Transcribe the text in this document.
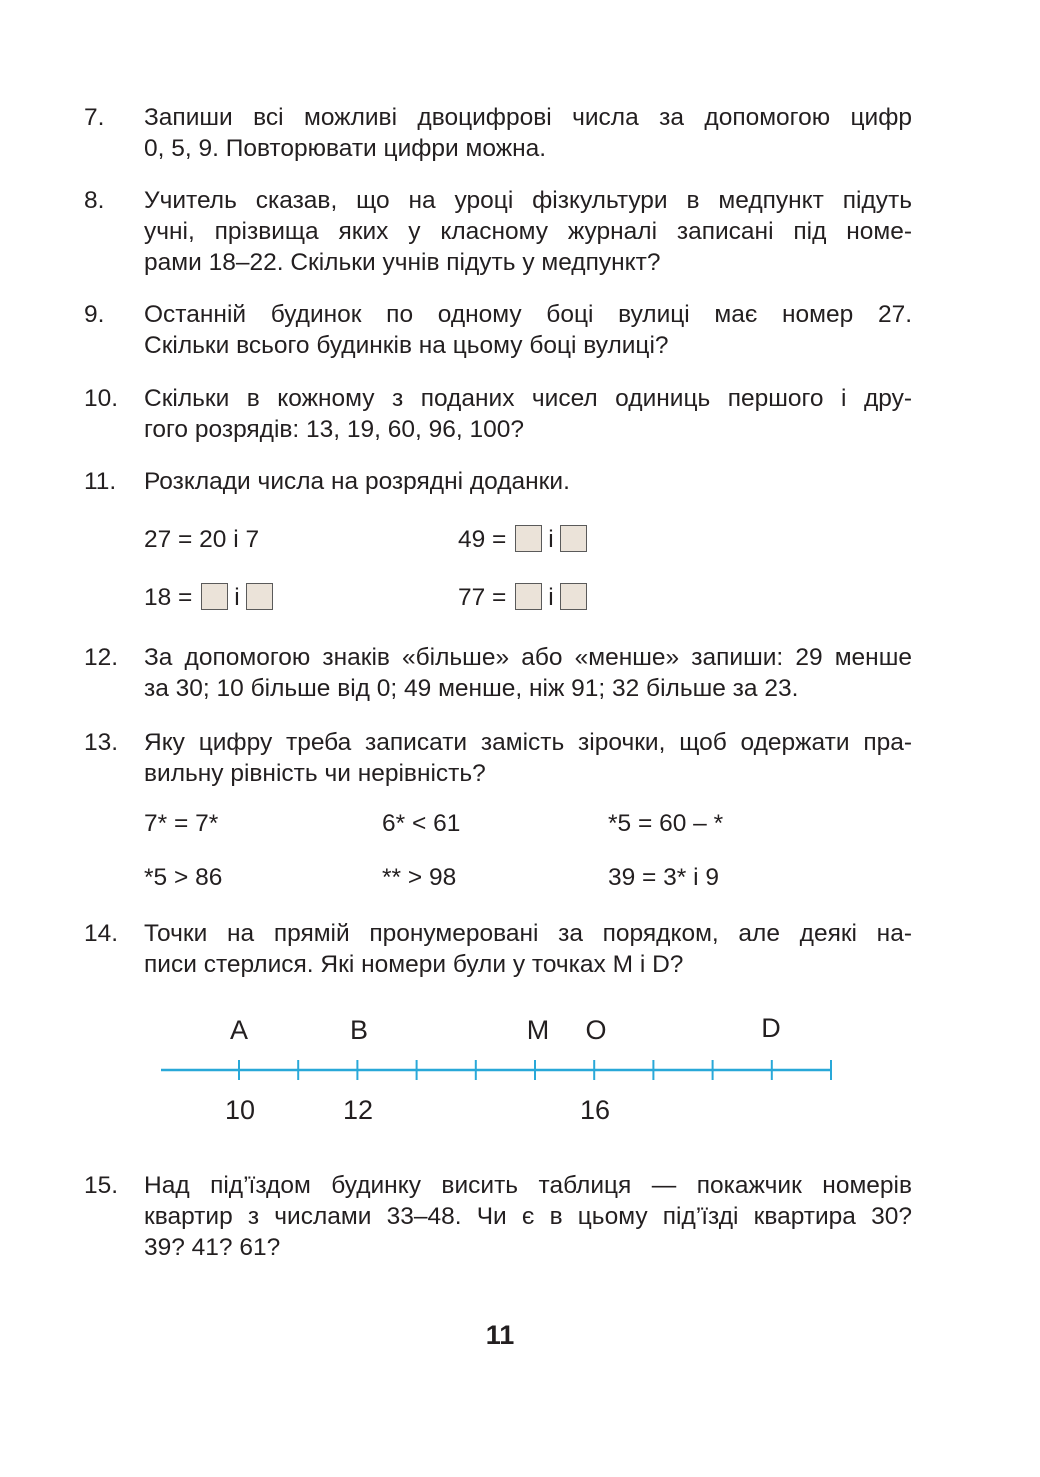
7.	Запиши всі можливі двоцифрові числа за допомогою цифр
0, 5, 9. Повторювати цифри можна.
8.	Учитель сказав, що на уроці фізкультури в медпункт підуть
учні, прізвища яких у класному журналі записані під номе-
рами 18–22. Скільки учнів підуть у медпункт?
9.	Останній будинок по одному боці вулиці має номер 27.
Скільки всього будинків на цьому боці вулиці?
10.	Скільки в кожному з поданих чисел одиниць першого і дру-
гого розрядів: 13, 19, 60, 96, 100?
11.	Розклади числа на розрядні доданки.
27 = 20 і 7	49 = і
18 = і	77 = і
12.	За допомогою знаків «більше» або «менше» запиши: 29 менше
за 30; 10 більше від 0; 49 менше, ніж 91; 32 більше за 23.
13.	Яку цифру треба записати замість зірочки, щоб одержати пра-
вильну рівність чи нерівність?
7* = 7*	6* < 61	*5 = 60 – *
*5 > 86	** > 98	39 = 3* і 9
14.	Точки на прямій пронумеровані за порядком, але деякі на-
писи стерлися. Які номери були у точках M і D?
A	B	M	O	D
10	12	16
15.	Над під’їздом будинку висить таблиця — покажчик номерів
квартир з числами 33–48. Чи є в цьому під’їзді квартира 30?
39? 41? 61?
11
